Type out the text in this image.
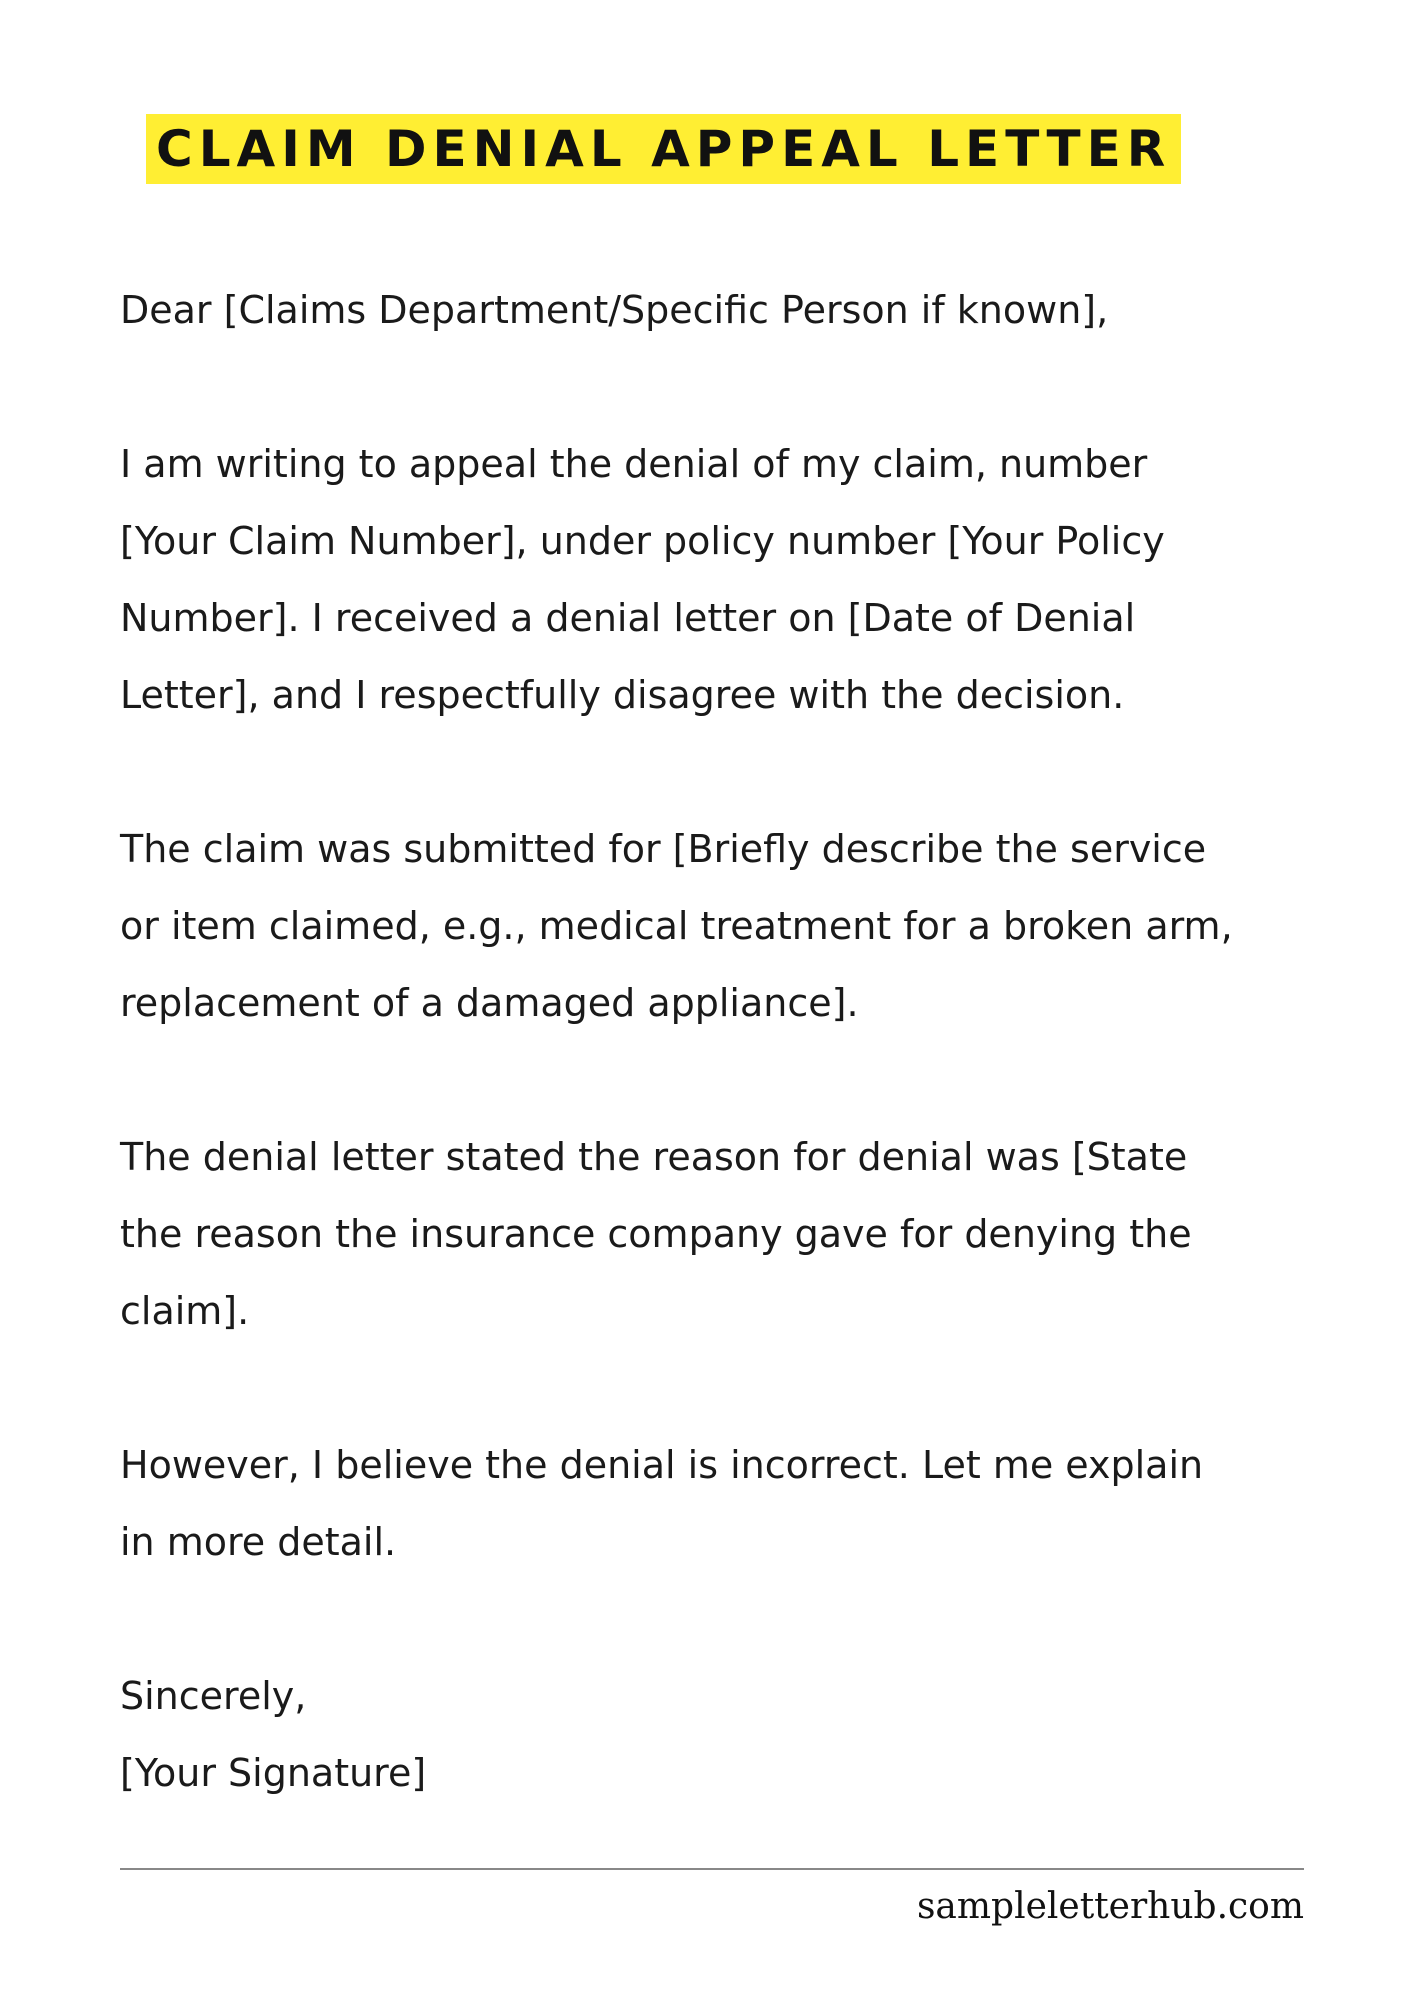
CLAIM DENIAL APPEAL LETTER

Dear [Claims Department/Specific Person if known],

I am writing to appeal the denial of my claim, number

[Your Claim Number], under policy number [Your Policy

Number]. I received a denial letter on [Date of Denial

Letter], and I respectfully disagree with the decision.

The claim was submitted for [Briefly describe the service

or item claimed, e.g., medical treatment for a broken arm,

replacement of a damaged appliance].

The denial letter stated the reason for denial was [State

the reason the insurance company gave for denying the

claim].

However, I believe the denial is incorrect. Let me explain

in more detail.

Sincerely,

[Your Signature]

sampleletterhub.com
